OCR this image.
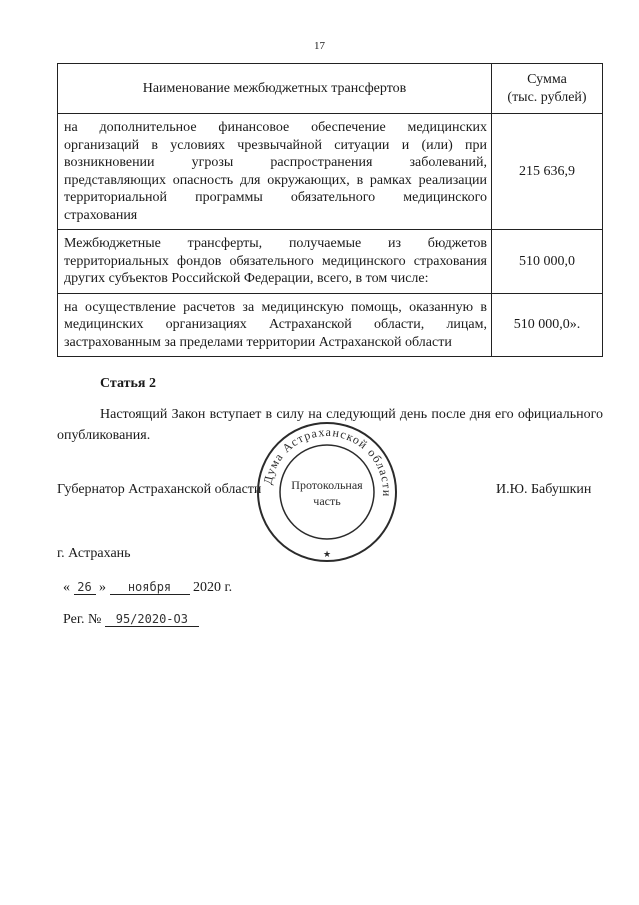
17
Наименование межбюджетных трансфертов	Сумма
(тыс. рублей)

на дополнительное финансовое обеспечение медицинских организаций в условиях чрезвычайной ситуации и (или) при возникновении угрозы распространения заболеваний, представляющих опасность для окружающих, в рамках реализации территориальной программы обязательного медицинского страхования	215 636,9
Межбюджетные трансферты, получаемые из бюджетов территориальных фондов обязательного медицинского страхования других субъектов Российской Федерации, всего, в том числе:	510 000,0
на осуществление расчетов за медицинскую помощь, оказанную в медицинских организациях Астраханской области, лицам, застрахованным за пределами территории Астраханской области	510 000,0».
Статья 2
Настоящий Закон вступает в силу на следующий день после дня его официального опубликования.
Губернатор Астраханской области	И.Ю. Бабушкин
Дума Астраханской области
★
Протокольная
часть
г. Астрахань
« 26 » ноября 2020 г.
Рег. № 95/2020-ОЗ
